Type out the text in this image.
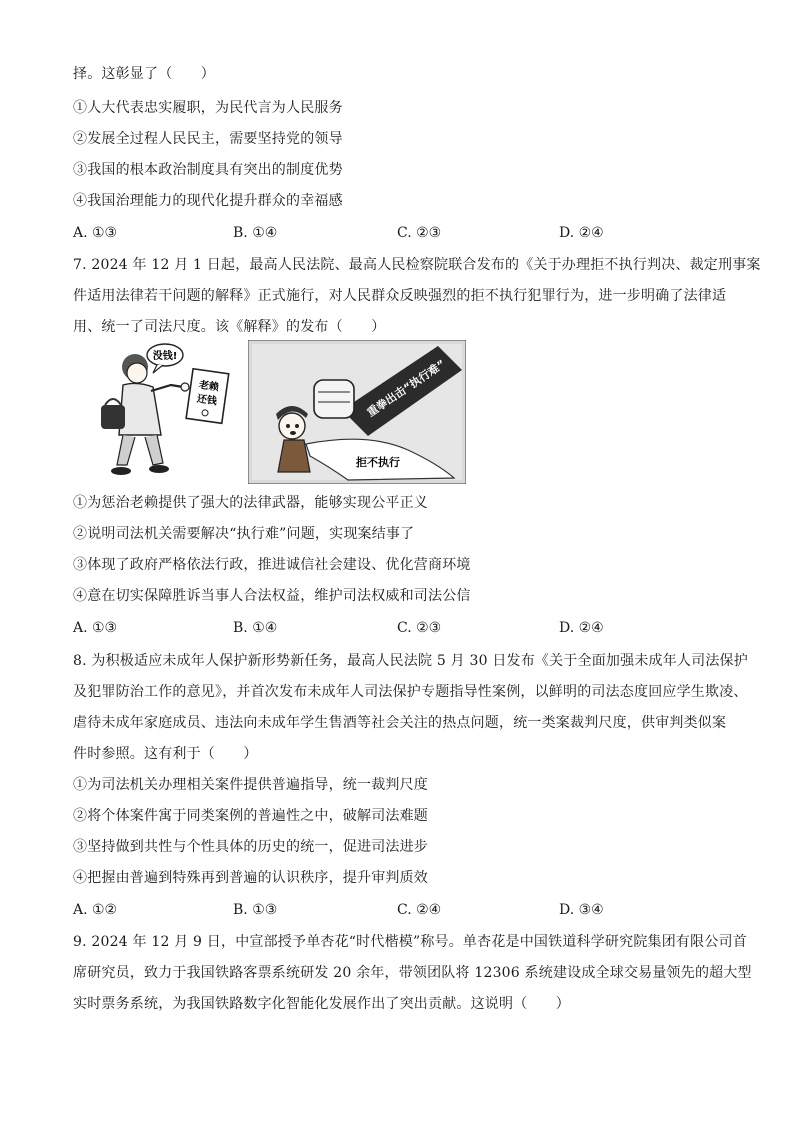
择。这彰显了（　　）
①人大代表忠实履职，为民代言为人民服务
②发展全过程人民民主，需要坚持党的领导
③我国的根本政治制度具有突出的制度优势
④我国治理能力的现代化提升群众的幸福感
A. ①③	B. ①④	C. ②③	D. ②④
7. 2024 年 12 月 1 日起，最高人民法院、最高人民检察院联合发布的《关于办理拒不执行判决、裁定刑事案
件适用法律若干问题的解释》正式施行，对人民群众反映强烈的拒不执行犯罪行为，进一步明确了法律适
用、统一了司法尺度。该《解释》的发布（　　）
没钱!
老赖
还钱	重拳出击“执行难”
拒不执行
①为惩治老赖提供了强大的法律武器，能够实现公平正义
②说明司法机关需要解决“执行难”问题，实现案结事了
③体现了政府严格依法行政，推进诚信社会建设、优化营商环境
④意在切实保障胜诉当事人合法权益，维护司法权威和司法公信
A. ①③	B. ①④	C. ②③	D. ②④
8. 为积极适应未成年人保护新形势新任务，最高人民法院 5 月 30 日发布《关于全面加强未成年人司法保护
及犯罪防治工作的意见》，并首次发布未成年人司法保护专题指导性案例，以鲜明的司法态度回应学生欺凌、
虐待未成年家庭成员、违法向未成年学生售酒等社会关注的热点问题，统一类案裁判尺度，供审判类似案
件时参照。这有利于（　　）
①为司法机关办理相关案件提供普遍指导，统一裁判尺度
②将个体案件寓于同类案例的普遍性之中，破解司法难题
③坚持做到共性与个性具体的历史的统一，促进司法进步
④把握由普遍到特殊再到普遍的认识秩序，提升审判质效
A. ①②	B. ①③	C. ②④	D. ③④
9. 2024 年 12 月 9 日，中宣部授予单杏花“时代楷模”称号。单杏花是中国铁道科学研究院集团有限公司首
席研究员，致力于我国铁路客票系统研发 20 余年，带领团队将 12306 系统建设成全球交易量领先的超大型
实时票务系统，为我国铁路数字化智能化发展作出了突出贡献。这说明（　　）
